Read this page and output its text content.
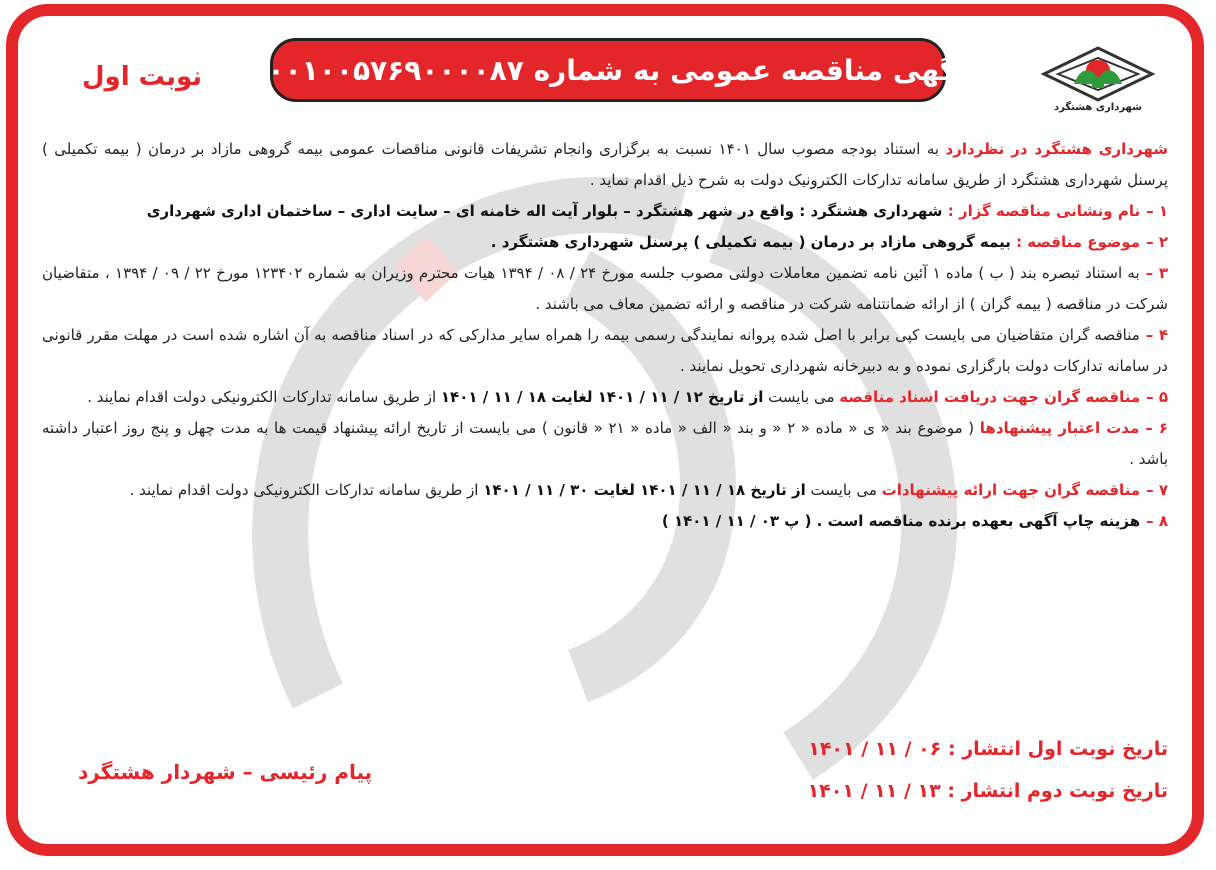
شهرداری هشتگرد
آگهی مناقصه عمومی به شماره ۲۰۰۱۰۰۵۷۶۹۰۰۰۰۸۷
نوبت اول

شهرداری هشتگرد در نظردارد به استناد بودجه مصوب سال ۱۴۰۱ نسبت به برگزاری وانجام تشریفات قانونی مناقصات عمومی بیمه گروهی مازاد بر درمان ( بیمه تکمیلی ) پرسنل شهرداری هشتگرد از طریق سامانه تدارکات الکترونیک دولت به شرح ذیل اقدام نماید .

۱ –نام ونشانی مناقصه گزار : شهرداری هشتگرد : واقع در شهر هشتگرد – بلوار آیت اله خامنه ای – سایت اداری – ساختمان اداری شهرداری

۲ –موضوع مناقصه : بیمه گروهی مازاد بر درمان ( بیمه تکمیلی ) پرسنل شهرداری هشتگرد .

۳ –به استناد تبصره بند ( ب ) ماده ۱ آئین نامه تضمین معاملات دولتی مصوب جلسه مورخ ۲۴ / ۰۸ / ۱۳۹۴ هیات محترم وزیران به شماره ۱۲۳۴۰۲ مورخ ۲۲ / ۰۹ / ۱۳۹۴ ، متقاضیان شرکت در مناقصه ( بیمه گران ) از ارائه ضمانتنامه شرکت در مناقصه و ارائه تضمین معاف می باشند .

۴ –مناقصه گران متقاضیان می بایست کپی برابر با اصل شده پروانه نمایندگی رسمی بیمه را همراه سایر مدارکی که در اسناد مناقصه به آن اشاره شده است در مهلت مقرر قانونی در سامانه تدارکات دولت بارگزاری نموده و به دبیرخانه شهرداری تحویل نمایند .

۵ –مناقصه گران جهت دریافت اسناد مناقصه می بایست از تاریخ ۱۲ / ۱۱ / ۱۴۰۱ لغایت ۱۸ / ۱۱ / ۱۴۰۱ از طریق سامانه تدارکات الکترونیکی دولت اقدام نمایند .

۶ –مدت اعتبار پیشنهادها ( موضوع بند « ی « ماده « ۲ « و بند « الف « ماده « ۲۱ « قانون ) می بایست از تاریخ ارائه پیشنهاد قیمت ها به مدت چهل و پنج روز اعتبار داشته باشد .

۷ –مناقصه گران جهت ارائه پیشنهادات می بایست از تاریخ ۱۸ / ۱۱ / ۱۴۰۱ لغایت ۳۰ / ۱۱ / ۱۴۰۱ از طریق سامانه تدارکات الکترونیکی دولت اقدام نمایند .

۸ –هزینه چاپ آگهی بعهده برنده مناقصه است . ( پ ۰۳ / ۱۱ / ۱۴۰۱ )

تاریخ نوبت اول انتشار : ۰۶ / ۱۱ / ۱۴۰۱
تاریخ نوبت دوم انتشار : ۱۳ / ۱۱ / ۱۴۰۱
پیام رئیسی – شهردار هشتگرد
